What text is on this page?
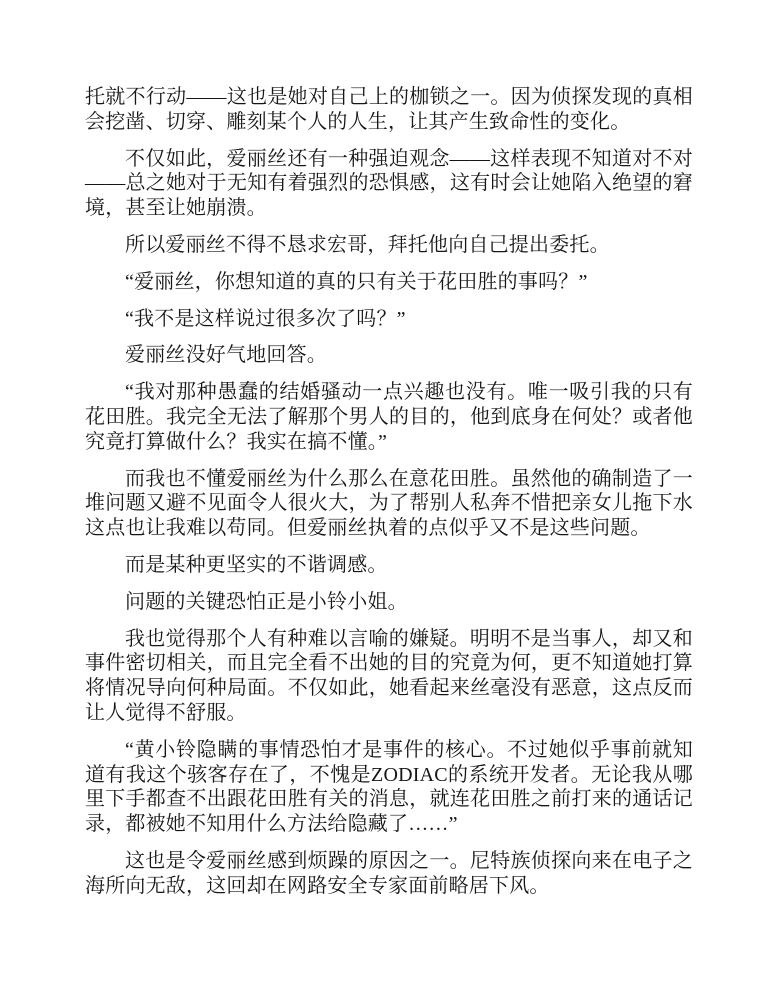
托就不行动——这也是她对自己上的枷锁之一。因为侦探发现的真相会挖凿、切穿、雕刻某个人的人生，让其产生致命性的变化。

不仅如此，爱丽丝还有一种强迫观念——这样表现不知道对不对——总之她对于无知有着强烈的恐惧感，这有时会让她陷入绝望的窘境，甚至让她崩溃。

所以爱丽丝不得不恳求宏哥，拜托他向自己提出委托。

“爱丽丝，你想知道的真的只有关于花田胜的事吗？”

“我不是这样说过很多次了吗？”

爱丽丝没好气地回答。

“我对那种愚蠢的结婚骚动一点兴趣也没有。唯一吸引我的只有花田胜。我完全无法了解那个男人的目的，他到底身在何处？或者他究竟打算做什么？我实在搞不懂。”

而我也不懂爱丽丝为什么那么在意花田胜。虽然他的确制造了一堆问题又避不见面令人很火大，为了帮别人私奔不惜把亲女儿拖下水这点也让我难以苟同。但爱丽丝执着的点似乎又不是这些问题。

而是某种更坚实的不谐调感。

问题的关键恐怕正是小铃小姐。

我也觉得那个人有种难以言喻的嫌疑。明明不是当事人，却又和事件密切相关，而且完全看不出她的目的究竟为何，更不知道她打算将情况导向何种局面。不仅如此，她看起来丝毫没有恶意，这点反而让人觉得不舒服。

“黄小铃隐瞒的事情恐怕才是事件的核心。不过她似乎事前就知道有我这个骇客存在了，不愧是ZODIAC的系统开发者。无论我从哪里下手都查不出跟花田胜有关的消息，就连花田胜之前打来的通话记录，都被她不知用什么方法给隐藏了……”

这也是令爱丽丝感到烦躁的原因之一。尼特族侦探向来在电子之海所向无敌，这回却在网路安全专家面前略居下风。
